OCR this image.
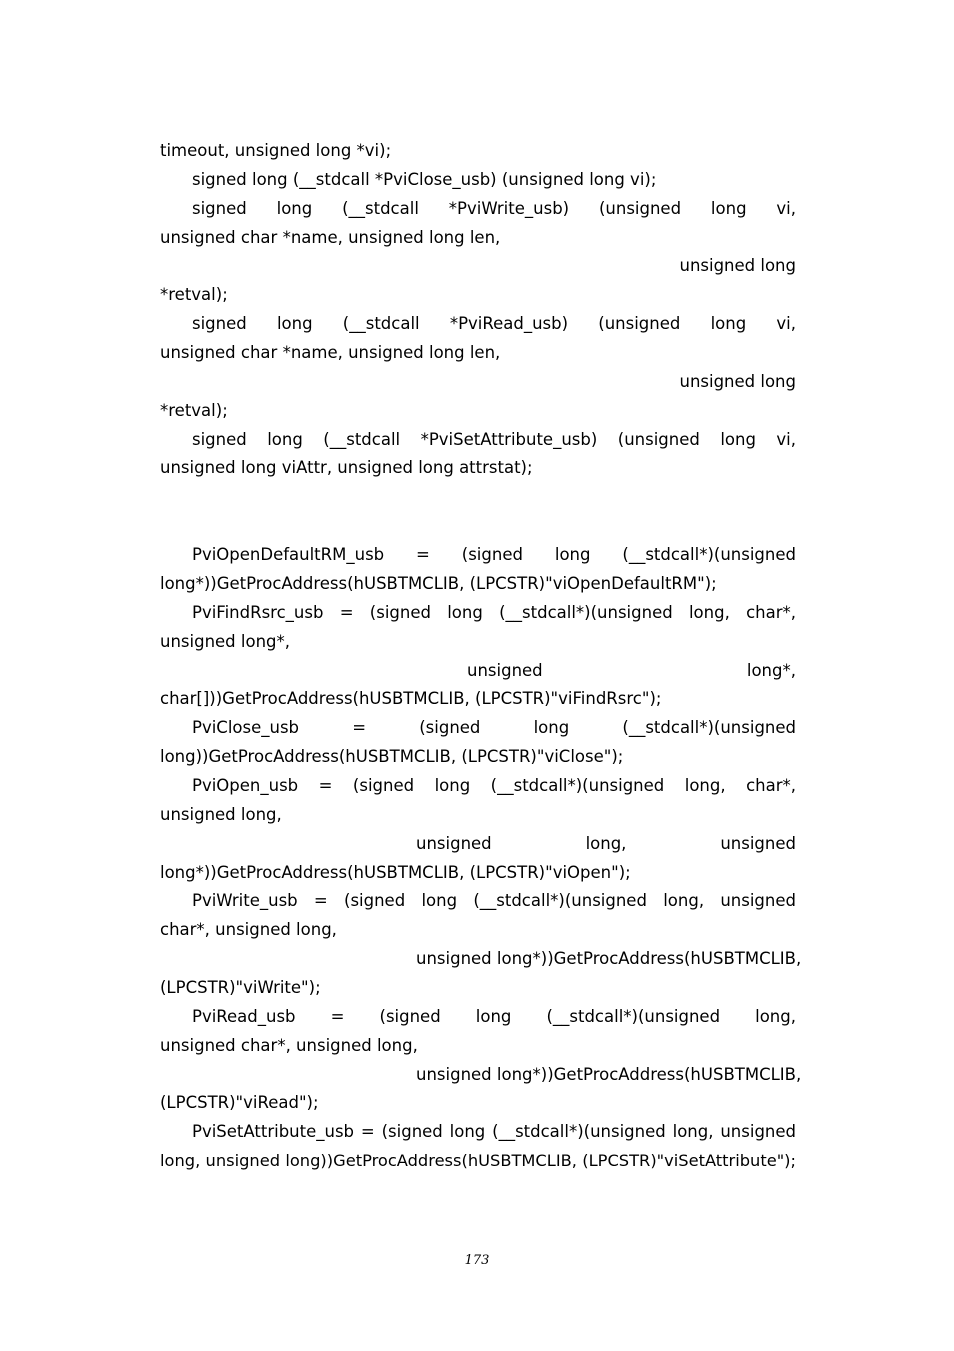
timeout, unsigned long *vi);
signed long (__stdcall *PviClose_usb) (unsigned long vi);
signed long (__stdcall *PviWrite_usb) (unsigned long vi,
unsigned char *name, unsigned long len,
unsigned long
*retval);
signed long (__stdcall *PviRead_usb) (unsigned long vi,
unsigned char *name, unsigned long len,
unsigned long
*retval);
signed long (__stdcall *PviSetAttribute_usb) (unsigned long vi,
unsigned long viAttr, unsigned long attrstat);
PviOpenDefaultRM_usb = (signed long (__stdcall*)(unsigned
long*))GetProcAddress(hUSBTMCLIB, (LPCSTR)"viOpenDefaultRM");
PviFindRsrc_usb = (signed long (__stdcall*)(unsigned long, char*,
unsigned long*,
unsigned long*,
char[]))GetProcAddress(hUSBTMCLIB, (LPCSTR)"viFindRsrc");
PviClose_usb = (signed long (__stdcall*)(unsigned
long))GetProcAddress(hUSBTMCLIB, (LPCSTR)"viClose");
PviOpen_usb = (signed long (__stdcall*)(unsigned long, char*,
unsigned long,
unsigned long, unsigned
long*))GetProcAddress(hUSBTMCLIB, (LPCSTR)"viOpen");
PviWrite_usb = (signed long (__stdcall*)(unsigned long, unsigned
char*, unsigned long,
unsigned long*))GetProcAddress(hUSBTMCLIB,
(LPCSTR)"viWrite");
PviRead_usb = (signed long (__stdcall*)(unsigned long,
unsigned char*, unsigned long,
unsigned long*))GetProcAddress(hUSBTMCLIB,
(LPCSTR)"viRead");
PviSetAttribute_usb = (signed long (__stdcall*)(unsigned long, unsigned
long, unsigned long))GetProcAddress(hUSBTMCLIB, (LPCSTR)"viSetAttribute");
173
